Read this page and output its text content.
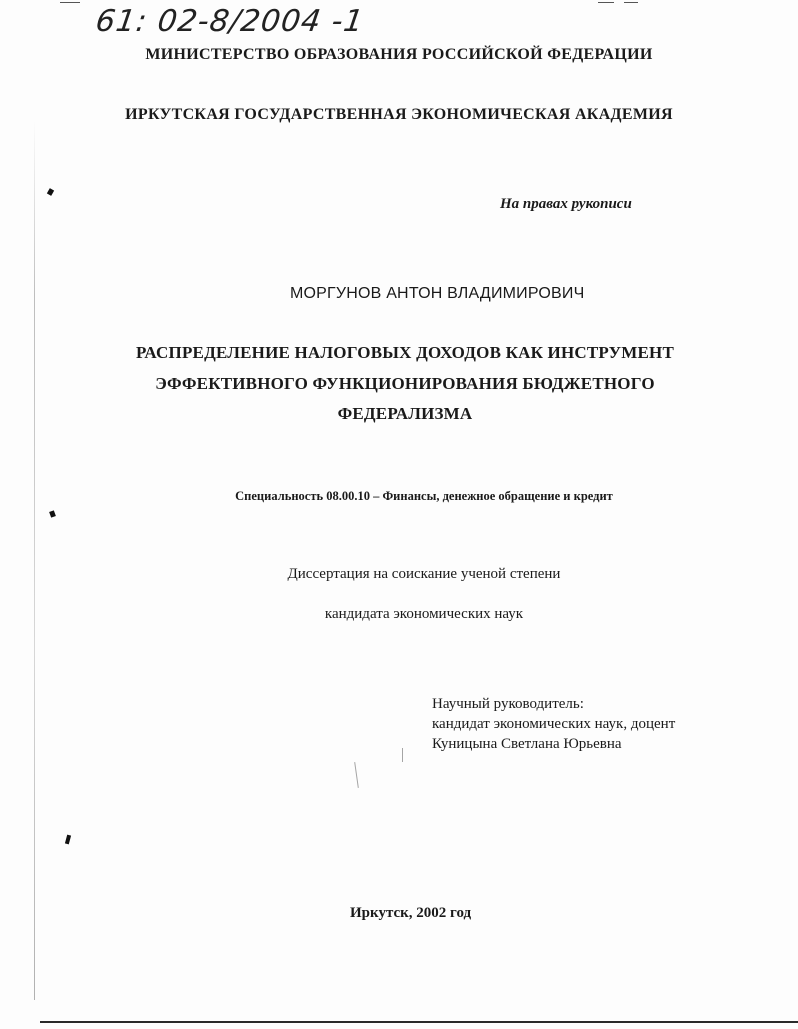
61: 02-8/2004 -1
МИНИСТЕРСТВО ОБРАЗОВАНИЯ РОССИЙСКОЙ ФЕДЕРАЦИИ
ИРКУТСКАЯ ГОСУДАРСТВЕННАЯ ЭКОНОМИЧЕСКАЯ АКАДЕМИЯ
На правах рукописи
МОРГУНОВ АНТОН ВЛАДИМИРОВИЧ
РАСПРЕДЕЛЕНИЕ НАЛОГОВЫХ ДОХОДОВ КАК ИНСТРУМЕНТ
ЭФФЕКТИВНОГО ФУНКЦИОНИРОВАНИЯ БЮДЖЕТНОГО
ФЕДЕРАЛИЗМА
Специальность 08.00.10 – Финансы, денежное обращение и кредит
Диссертация на соискание ученой степени
кандидата экономических наук
Научный руководитель:
кандидат экономических наук, доцент
Куницына Светлана Юрьевна
Иркутск, 2002 год
